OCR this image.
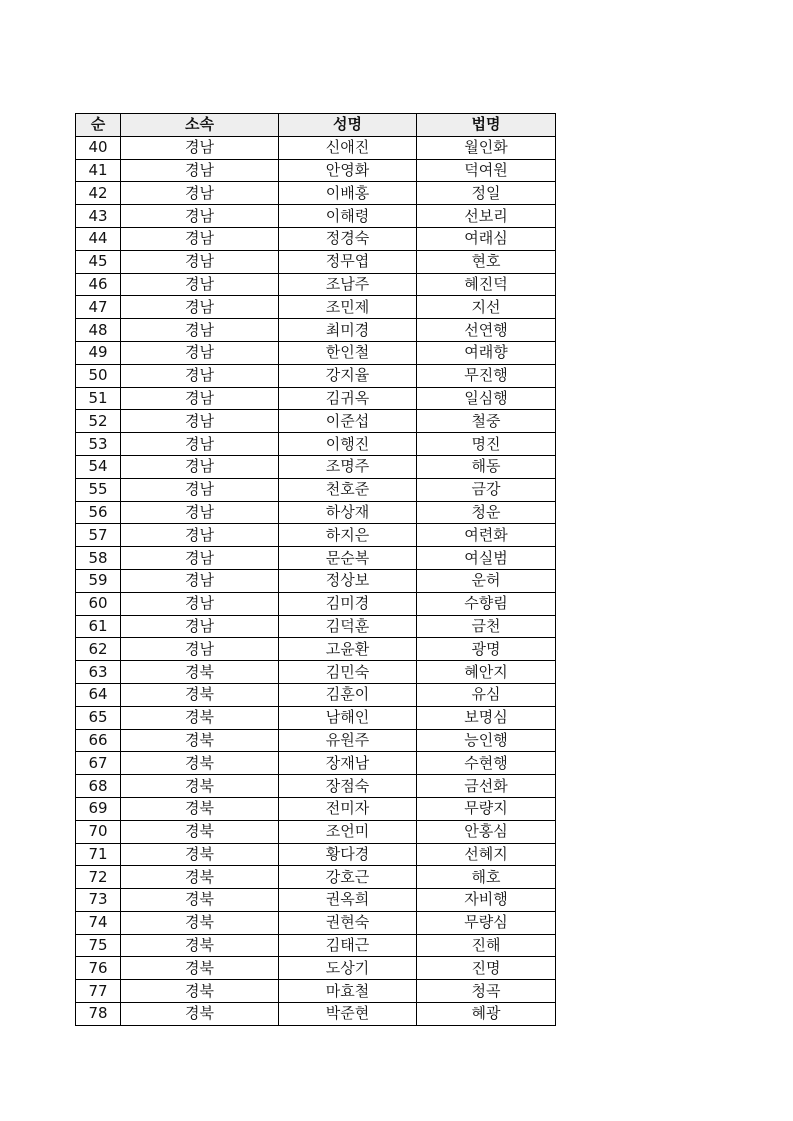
순	소속	성명	법명
40	경남	신애진	월인화
41	경남	안영화	덕여원
42	경남	이배홍	정일
43	경남	이해령	선보리
44	경남	정경숙	여래심
45	경남	정무엽	현호
46	경남	조남주	혜진덕
47	경남	조민제	지선
48	경남	최미경	선연행
49	경남	한인철	여래향
50	경남	강지율	무진행
51	경남	김귀옥	일심행
52	경남	이준섭	철중
53	경남	이행진	명진
54	경남	조명주	해동
55	경남	천호준	금강
56	경남	하상재	청운
57	경남	하지은	여련화
58	경남	문순복	여실범
59	경남	정상보	운허
60	경남	김미경	수향림
61	경남	김덕훈	금천
62	경남	고윤환	광명
63	경북	김민숙	혜안지
64	경북	김훈이	유심
65	경북	남해인	보명심
66	경북	유원주	능인행
67	경북	장재남	수현행
68	경북	장점숙	금선화
69	경북	전미자	무량지
70	경북	조언미	안홍심
71	경북	황다경	선혜지
72	경북	강호근	해호
73	경북	권옥희	자비행
74	경북	권현숙	무량심
75	경북	김태근	진해
76	경북	도상기	진명
77	경북	마효철	청곡
78	경북	박준현	혜광
